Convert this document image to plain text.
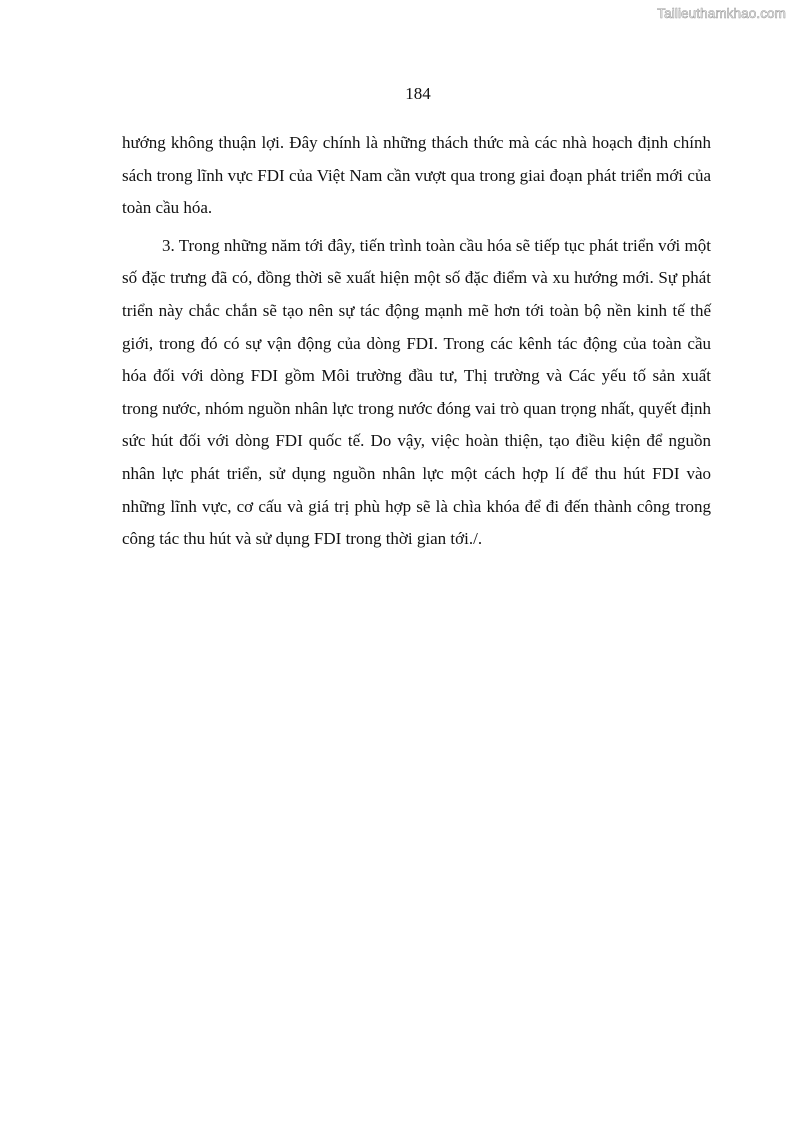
Tailieuthamkhao.com
184

hướng không thuận lợi. Đây chính là những thách thức mà các nhà hoạch định chính sách trong lĩnh vực FDI của Việt Nam cần vượt qua trong giai đoạn phát triển mới của toàn cầu hóa.

3. Trong những năm tới đây, tiến trình toàn cầu hóa sẽ tiếp tục phát triển với một số đặc trưng đã có, đồng thời sẽ xuất hiện một số đặc điểm và xu hướng mới. Sự phát triển này chắc chắn sẽ tạo nên sự tác động mạnh mẽ hơn tới toàn bộ nền kinh tế thế giới, trong đó có sự vận động của dòng FDI. Trong các kênh tác động của toàn cầu hóa đối với dòng FDI gồm Môi trường đầu tư, Thị trường và Các yếu tố sản xuất trong nước, nhóm nguồn nhân lực trong nước đóng vai trò quan trọng nhất, quyết định sức hút đối với dòng FDI quốc tế. Do vậy, việc hoàn thiện, tạo điều kiện để nguồn nhân lực phát triển, sử dụng nguồn nhân lực một cách hợp lí để thu hút FDI vào những lĩnh vực, cơ cấu và giá trị phù hợp sẽ là chìa khóa để đi đến thành công trong công tác thu hút và sử dụng FDI trong thời gian tới./.
